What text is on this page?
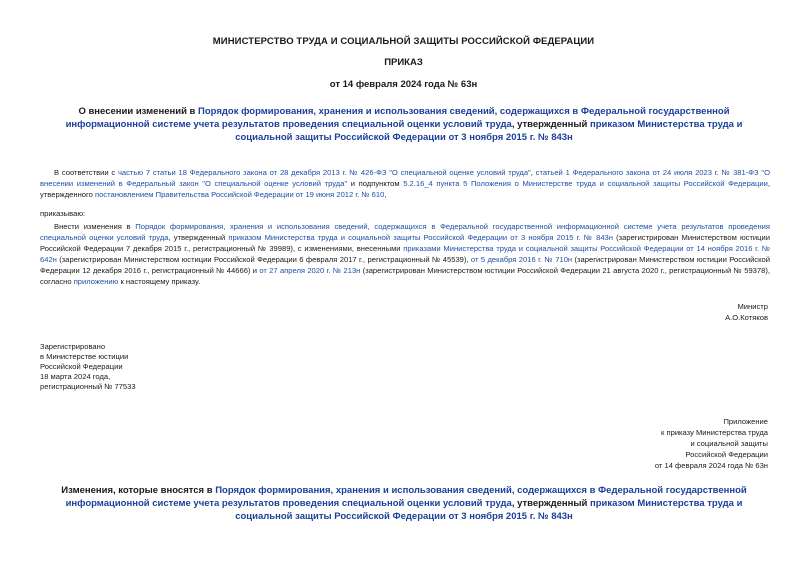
МИНИСТЕРСТВО ТРУДА И СОЦИАЛЬНОЙ ЗАЩИТЫ РОССИЙСКОЙ ФЕДЕРАЦИИ
ПРИКАЗ
от 14 февраля 2024 года № 63н
О внесении изменений в Порядок формирования, хранения и использования сведений, содержащихся в Федеральной государственной информационной системе учета результатов проведения специальной оценки условий труда, утвержденный приказом Министерства труда и социальной защиты Российской Федерации от 3 ноября 2015 г. № 843н
В соответствии с частью 7 статьи 18 Федерального закона от 28 декабря 2013 г. № 426-ФЗ "О специальной оценке условий труда", статьей 1 Федерального закона от 24 июля 2023 г. № 381-ФЗ "О внесении изменений в Федеральный закон "О специальной оценке условий труда" и подпунктом 5.2.16_4 пункта 5 Положения о Министерстве труда и социальной защиты Российской Федерации, утвержденного постановлением Правительства Российской Федерации от 19 июня 2012 г. № 610,
приказываю:
Внести изменения в Порядок формирования, хранения и использования сведений, содержащихся в Федеральной государственной информационной системе учета результатов проведения специальной оценки условий труда, утвержденный приказом Министерства труда и социальной защиты Российской Федерации от 3 ноября 2015 г. № 843н (зарегистрирован Министерством юстиции Российской Федерации 7 декабря 2015 г., регистрационный № 39989), с изменениями, внесенными приказами Министерства труда и социальной защиты Российской Федерации от 14 ноября 2016 г. № 642н (зарегистрирован Министерством юстиции Российской Федерации 6 февраля 2017 г., регистрационный № 45539), от 5 декабря 2016 г. № 710н (зарегистрирован Министерством юстиции Российской Федерации 12 декабря 2016 г., регистрационный № 44666) и от 27 апреля 2020 г. № 213н (зарегистрирован Министерством юстиции Российской Федерации 21 августа 2020 г., регистрационный № 59378), согласно приложению к настоящему приказу.
Министр
А.О.Котяков
Зарегистрировано
в Министерстве юстиции
Российской Федерации
18 марта 2024 года,
регистрационный № 77533
Приложение
к приказу Министерства труда
и социальной защиты
Российской Федерации
от 14 февраля 2024 года № 63н
Изменения, которые вносятся в Порядок формирования, хранения и использования сведений, содержащихся в Федеральной государственной информационной системе учета результатов проведения специальной оценки условий труда, утвержденный приказом Министерства труда и социальной защиты Российской Федерации от 3 ноября 2015 г. № 843н
